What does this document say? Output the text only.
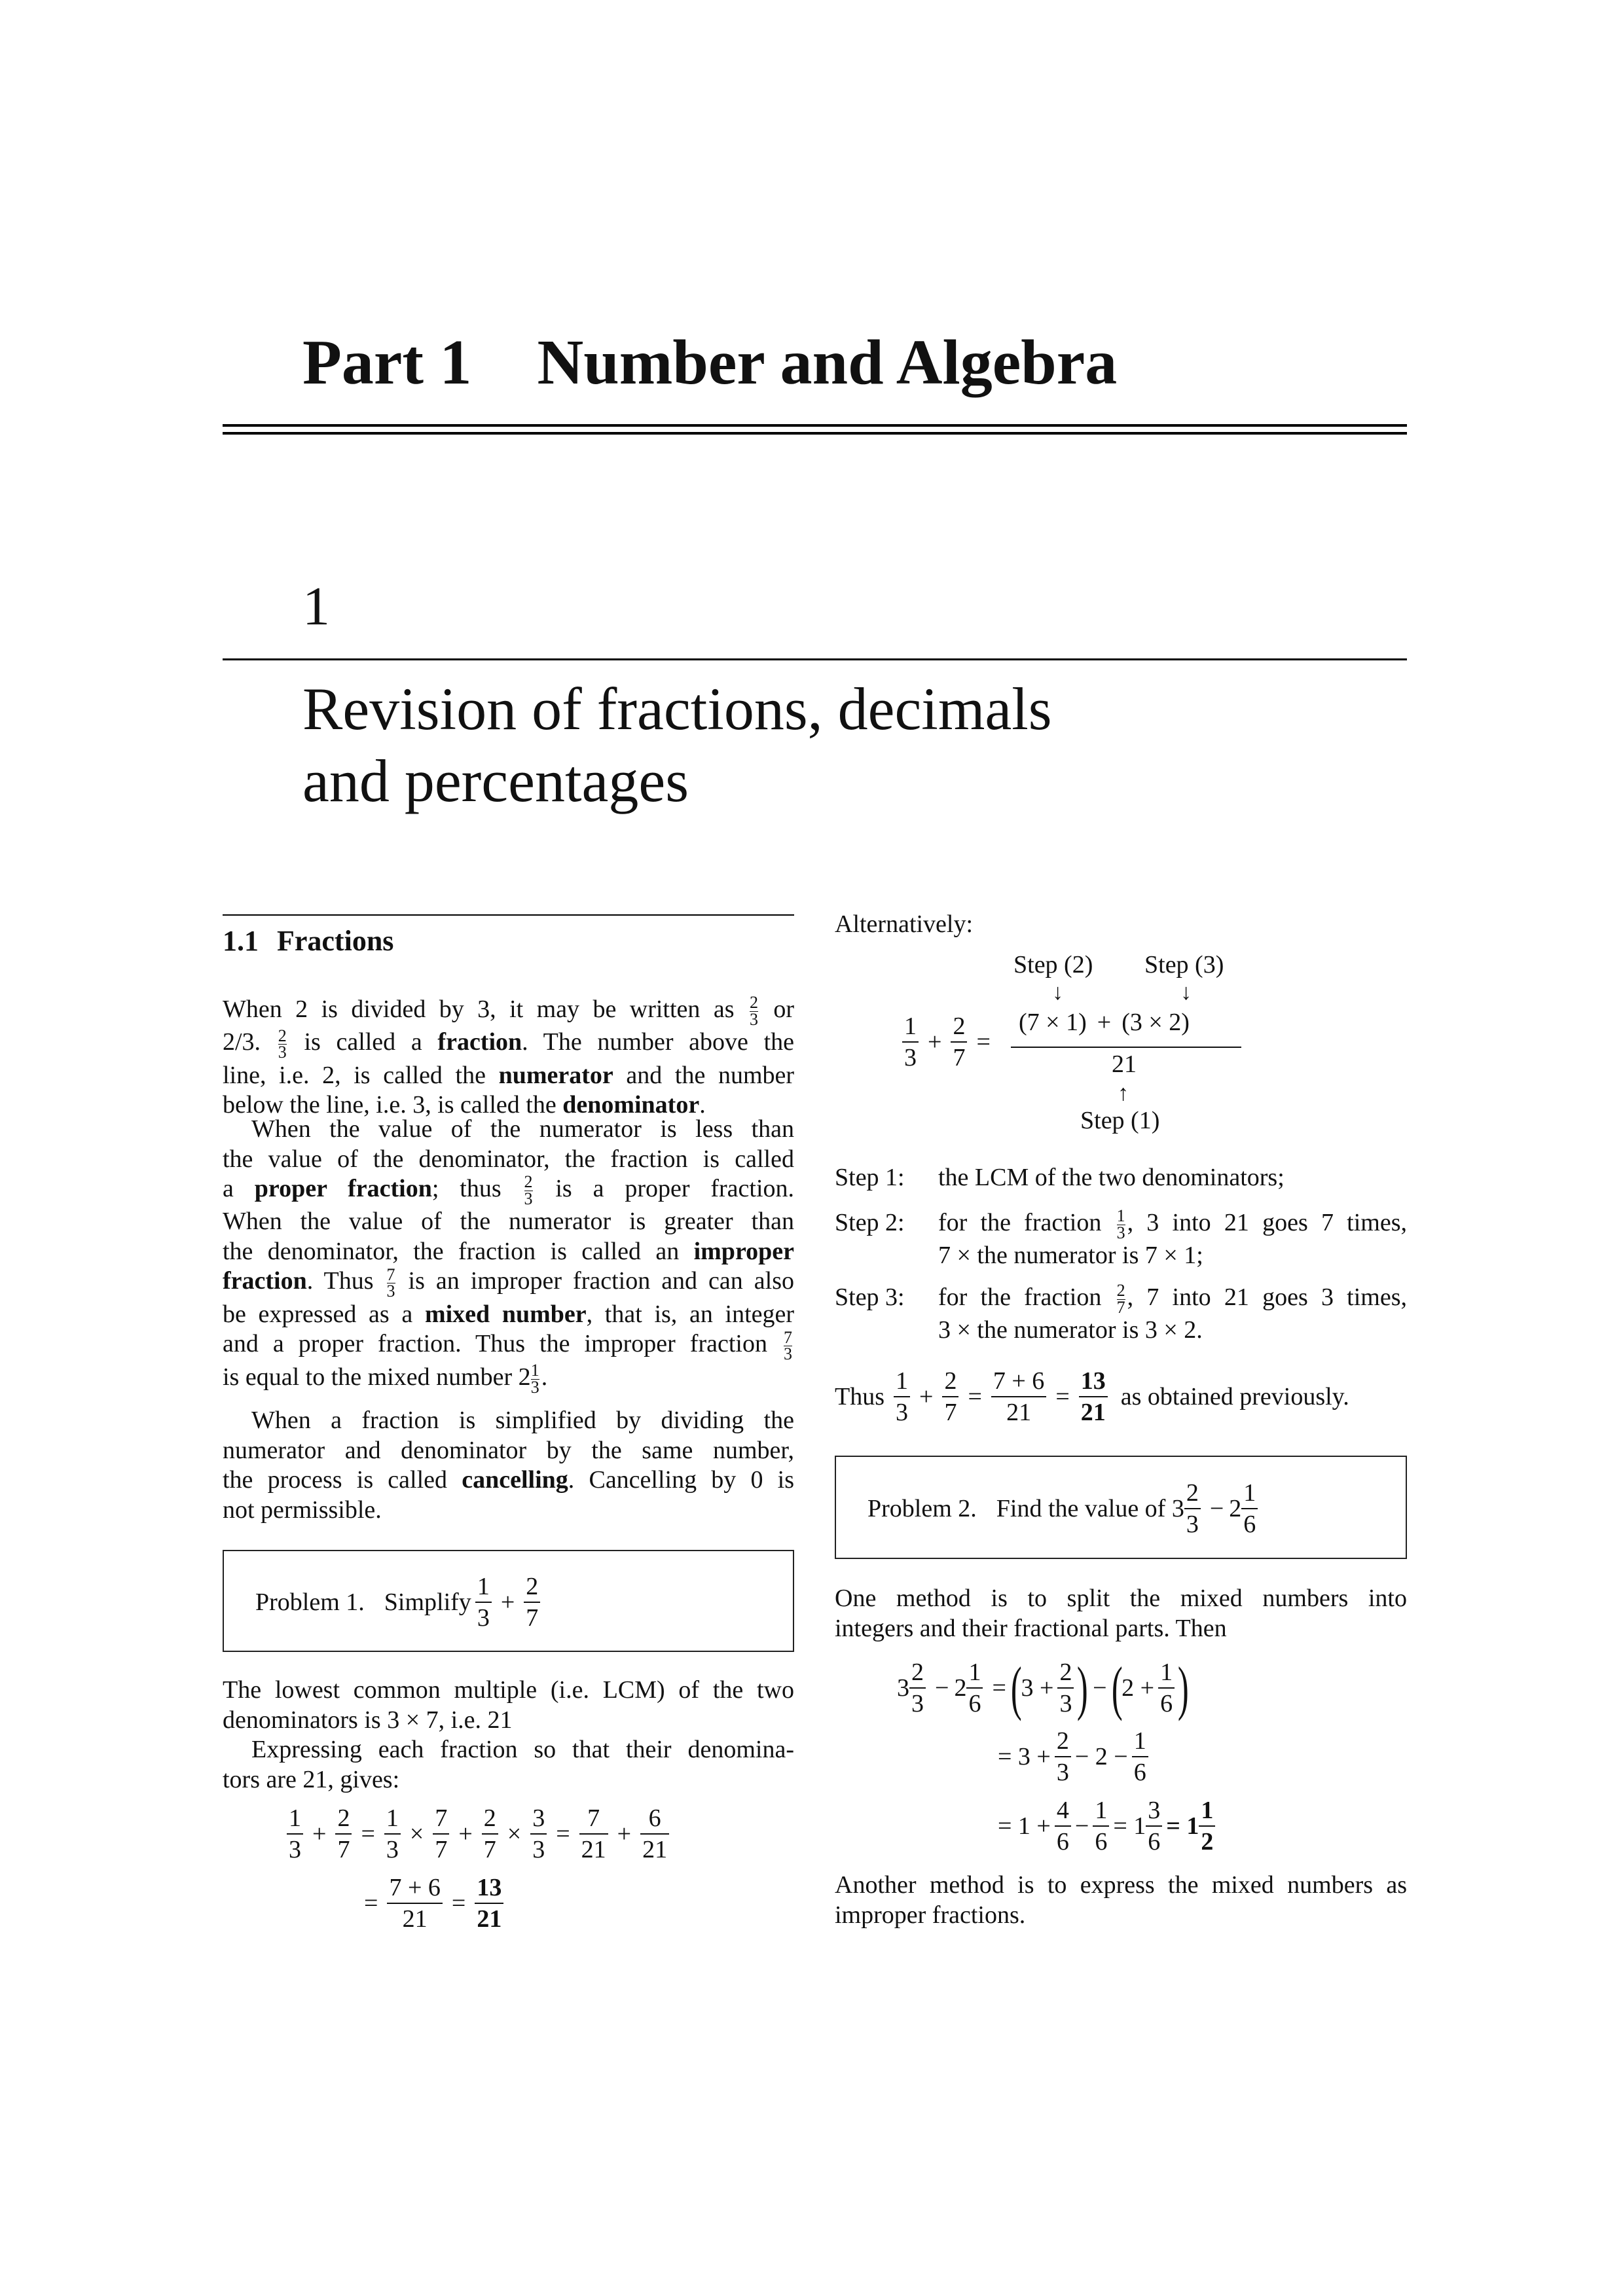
Part 1 Number and Algebra
1
Revision of fractions, decimals
and percentages
1.1 Fractions
When 2 is divided by 3, it may be written as $\frac{2}{3}$ or
2/3. $\frac{2}{3}$ is called a fraction. The number above the
line, i.e. 2, is called the numerator and the number
below the line, i.e. 3, is called the denominator.
When the value of the numerator is less than
the value of the denominator, the fraction is called
a proper fraction; thus $\frac{2}{3}$ is a proper fraction.
When the value of the numerator is greater than
the denominator, the fraction is called an improper
fraction. Thus $\frac{7}{3}$ is an improper fraction and can also
be expressed as a mixed number, that is, an integer
and a proper fraction. Thus the improper fraction $\frac{7}{3}$
is equal to the mixed number $2 \frac{1}{3}$ .
When a fraction is simplified by dividing the
numerator and denominator by the same number,
the process is called cancelling. Cancelling by 0 is
not permissible.
Problem 1. Simplify $\frac{1}{3} + \frac{2}{7}$
The lowest common multiple (i.e. LCM) of the two
denominators is 3 × 7, i.e. 21
Expressing each fraction so that their denomina-
tors are 21, gives:
$\frac{1}{3} + \frac{2}{7} = \frac{1}{3} \times \frac{7}{7} + \frac{2}{7} \times \frac{3}{3} = \frac{7}{21} + \frac{6}{21}$
= $\frac{7 + 6}{21} = \frac{13}{21}$
Alternatively:
Step (2) Step (3)
↓	↓
$\frac{1}{3} + \frac{2}{7}$ =
(7 × 1) + (3 × 2)
21
↑
Step (1)
Step 1: the LCM of the two denominators;
Step 2:	for the fraction $\frac{1}{3}$ , 3 into 21 goes 7 times,
7 × the numerator is 7 × 1;
Step 3:	for the fraction $\frac{2}{7}$ , 7 into 21 goes 3 times,
3 × the numerator is 3 × 2.
Thus $\frac{1}{3} + \frac{2}{7} = \frac{7 + 6}{21} = \frac{13}{21}$ as obtained previously.
Problem 2. Find the value of $3 \frac{2}{3} - 2 \frac{1}{6}$
One method is to split the mixed numbers into
integers and their fractional parts. Then
$3 \frac{2}{3} - 2 \frac{1}{6}$ = (
$3 + \frac{2}{3}$ ) − (
$2 + \frac{1}{6}$ )
= $3 + \frac{2}{3} - 2 - \frac{1}{6}$
= $1 + \frac{4}{6} - \frac{1}{6} = 1 \frac{3}{6} = 1 \frac{1}{2}$
Another method is to express the mixed numbers as
improper fractions.
